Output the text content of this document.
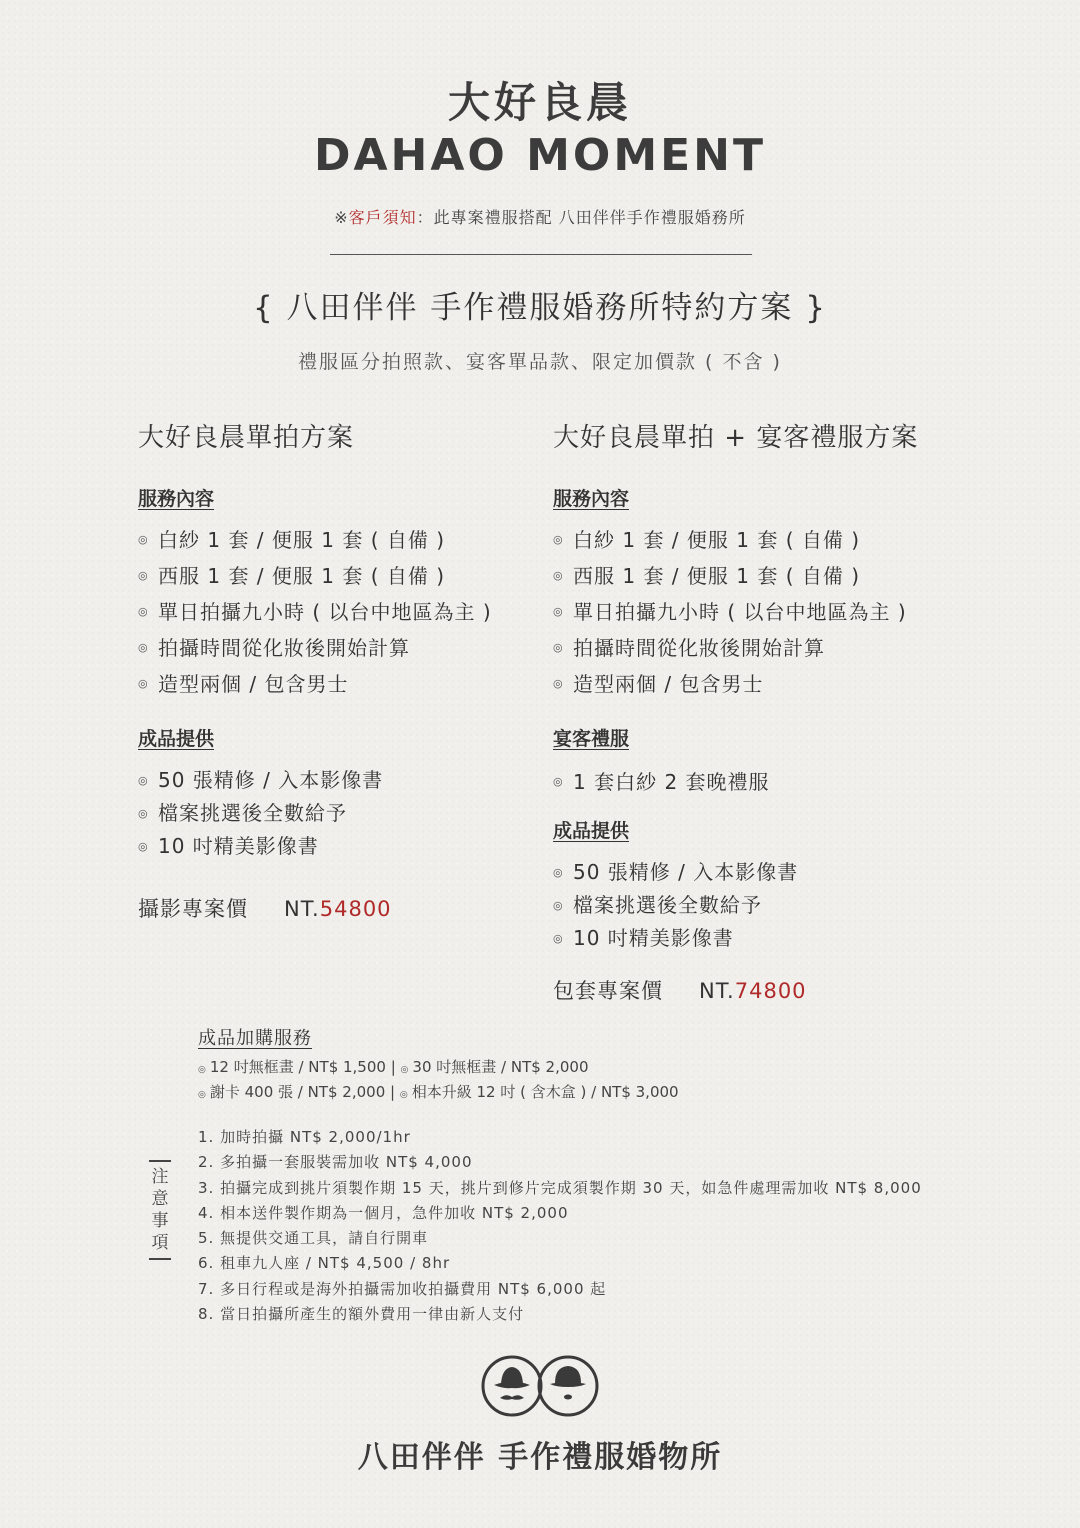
大好良晨
DAHAO MOMENT
※客戶須知：此專案禮服搭配 八田伴伴手作禮服婚務所
{ 八田伴伴 手作禮服婚務所特約方案 }
禮服區分拍照款、宴客單品款、限定加價款 ( 不含 )
大好良晨單拍方案
服務內容
◎ 白紗 1 套 / 便服 1 套 ( 自備 )
◎ 西服 1 套 / 便服 1 套 ( 自備 )
◎ 單日拍攝九小時 ( 以台中地區為主 )
◎ 拍攝時間從化妝後開始計算
◎ 造型兩個 / 包含男士
成品提供
◎ 50 張精修 / 入本影像書
◎ 檔案挑選後全數給予
◎ 10 吋精美影像書
攝影專案價 NT.54800
大好良晨單拍 + 宴客禮服方案
服務內容
◎ 白紗 1 套 / 便服 1 套 ( 自備 )
◎ 西服 1 套 / 便服 1 套 ( 自備 )
◎ 單日拍攝九小時 ( 以台中地區為主 )
◎ 拍攝時間從化妝後開始計算
◎ 造型兩個 / 包含男士
宴客禮服
◎ 1 套白紗 2 套晚禮服
成品提供
◎ 50 張精修 / 入本影像書
◎ 檔案挑選後全數給予
◎ 10 吋精美影像書
包套專案價 NT.74800
成品加購服務
◎ 12 吋無框畫 / NT$ 1,500 | ◎ 30 吋無框畫 / NT$ 2,000
◎ 謝卡 400 張 / NT$ 2,000 | ◎ 相本升級 12 吋 ( 含木盒 ) / NT$ 3,000
注
意
事
項
1. 加時拍攝 NT$ 2,000/1hr
2. 多拍攝一套服裝需加收 NT$ 4,000
3. 拍攝完成到挑片須製作期 15 天，挑片到修片完成須製作期 30 天，如急件處理需加收 NT$ 8,000
4. 相本送件製作期為一個月，急件加收 NT$ 2,000
5. 無提供交通工具，請自行開車
6. 租車九人座 / NT$ 4,500 / 8hr
7. 多日行程或是海外拍攝需加收拍攝費用 NT$ 6,000 起
8. 當日拍攝所產生的額外費用一律由新人支付
八田伴伴 手作禮服婚物所
